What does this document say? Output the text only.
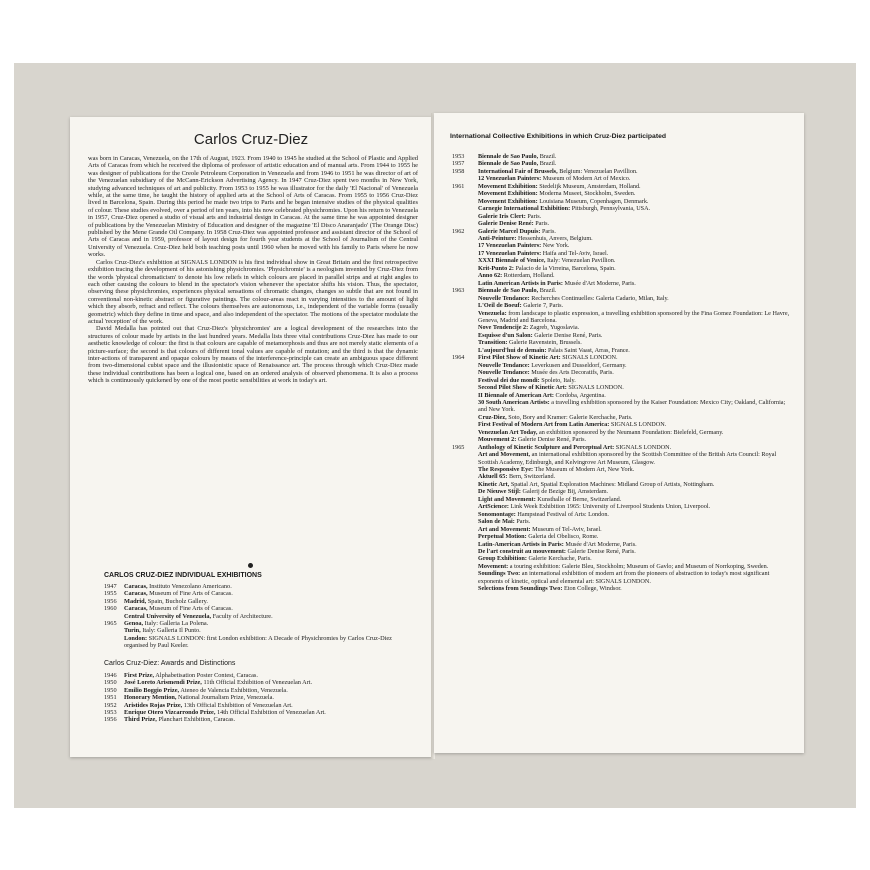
Carlos Cruz-Diez

was born in Caracas, Venezuela, on the 17th of August, 1923. From 1940 to 1945 he studied at the School of Plastic and Applied Arts of Caracas from which he received the diploma of professor of artistic education and of manual arts. From 1944 to 1955 he was designer of publications for the Creole Petroleum Corporation in Venezuela and from 1946 to 1951 he was director of art of the Venezuelan subsidiary of the McCann-Erickson Advertising Agency. In 1947 Cruz-Diez spent two months in New York, studying advanced techniques of art and publicity. From 1953 to 1955 he was illustrator for the daily 'El Nacional' of Venezuela while, at the same time, he taught the history of applied arts at the School of Arts of Caracas. From 1955 to 1956 Cruz-Diez lived in Barcelona, Spain. During this period he made two trips to Paris and he began intensive studies of the physical qualities of colour. These studies evolved, over a period of ten years, into his now celebrated physichromies. Upon his return to Venezuela in 1957, Cruz-Diez opened a studio of visual arts and industrial design in Caracas. At the same time he was appointed designer of publications by the Venezuelan Ministry of Education and designer of the magazine 'El Disco Anaranjado' (The Orange Disc) published by the Mene Grande Oil Company. In 1958 Cruz-Diez was appointed professor and assistant director of the School of Arts of Caracas and in 1959, professor of layout design for fourth year students at the School of Journalism of the Central University of Venezuela. Cruz-Diez held both teaching posts until 1960 when he moved with his family to Paris where he now works.

Carlos Cruz-Diez's exhibition at SIGNALS LONDON is his first individual show in Great Britain and the first retrospective exhibition tracing the development of his astonishing physichromies. 'Physichromie' is a neologism invented by Cruz-Diez from the words 'physical chromaticism' to denote his low reliefs in which colours are placed in parallel strips and at right angles to each other causing the colours to blend in the spectator's vision whenever the spectator shifts his vision. Thus, the spectator, observing these physichromies, experiences physical sensations of chromatic changes, changes so subtle that are not found in conventional non-kinetic abstract or figurative paintings. The colour-areas react in varying intensities to the amount of light which they absorb, refract and reflect. The colours themselves are autonomous, i.e., independent of the variable forms (usually geometric) which they define in time and space, and also independent of the spectator. The motions of the spectator modulate the actual 'reception' of the work.

David Medalla has pointed out that Cruz-Diez's 'physichromies' are a logical development of the researches into the structures of colour made by artists in the last hundred years. Medalla lists three vital contributions Cruz-Diez has made to our aesthetic knowledge of colour: the first is that colours are capable of metamorphosis and thus are not merely static elements of a picture-surface; the second is that colours of different tonal values are capable of mutation; and the third is that the dynamic inter-actions of transparent and opaque colours by means of the interference-principle can create an ambiguous space different from two-dimensional cubist space and the illusionistic space of Renaissance art. The process through which Cruz-Diez made these individual contributions has been a logical one, based on an ordered analysis of observed phenomena. It is also a process which is continuously quickened by one of the most poetic sensibilities at work in today's art.

CARLOS CRUZ-DIEZ INDIVIDUAL EXHIBITIONS
1947	Caracas, Instituto Venezolano Americano.
1955	Caracas, Museum of Fine Arts of Caracas.
1956	Madrid, Spain, Bucholz Gallery.
1960	Caracas, Museum of Fine Arts of Caracas.
Central University of Venezuela, Faculty of Architecture.
1965	Genoa, Italy: Galleria La Polena.
Turin, Italy: Galleria Il Punto.
London: SIGNALS LONDON: first London exhibition: A Decade of Physichromies by Carlos Cruz-Diez organised by Paul Keeler.
Carlos Cruz-Diez: Awards and Distinctions
1946	First Prize, Alphabetisation Poster Contest, Caracas.
1950	José Loreto Arismendi Prize, 11th Official Exhibition of Venezuelan Art.
1950	Emilio Boggio Prize, Ateneo de Valencia Exhibition, Venezuela.
1951	Honorary Mention, National Journalism Prize, Venezuela.
1952	Aristides Rojas Prize, 13th Official Exhibition of Venezuelan Art.
1953	Enrique Otero Vizcarrondo Prize, 14th Official Exhibition of Venezuelan Art.
1956	Third Prize, Planchart Exhibition, Caracas.
International Collective Exhibitions in which Cruz-Diez participated
1953	Biennale de Sao Paulo, Brazil.
1957	Biennale de Sao Paulo, Brazil.
1958	International Fair of Brussels, Belgium: Venezuelan Pavillion.
12 Venezuelan Painters: Museum of Modern Art of Mexico.
1961	Movement Exhibition: Stedelijk Museum, Amsterdam, Holland.
Movement Exhibition: Moderna Museet, Stockholm, Sweden.
Movement Exhibition: Louisiana Museum, Copenhagen, Denmark.
Carnegie International Exhibition: Pittsburgh, Pennsylvania, USA.
Galerie Iris Clert: Paris.
Galerie Denise René: Paris.
1962	Galerie Marcel Dupuis: Paris.
Anti-Peinture: Hessenhuis, Anvers, Belgium.
17 Venezuelan Painters: New York.
17 Venezuelan Painters: Haifa and Tel-Aviv, Israel.
XXXI Biennale of Venice, Italy: Venezuelan Pavillion.
Krit-Punto 2: Palacio de la Virreina, Barcelona, Spain.
Anno 62: Rotterdam, Holland.
Latin American Artists in Paris: Musée d'Art Moderne, Paris.
1963	Biennale de Sao Paulo, Brazil.
Nouvelle Tendance: Recherches Continuelles: Galeria Cadario, Milan, Italy.
L'Oeil de Boeuf: Galerie 7, Paris.
Venezuela: from landscape to plastic expression, a travelling exhibition sponsored by the Fina Gomez Foundation: Le Havre, Geneva, Madrid and Barcelona.
Nove Tendencije 2: Zagreb, Yugoslavia.
Esquisse d'un Salon: Galerie Denise René, Paris.
Transition: Galerie Ravenstein, Brussels.
L'aujourd'hui de demain: Palais Saint Vaast, Arras, France.
1964	First Pilot Show of Kinetic Art: SIGNALS LONDON.
Nouvelle Tendance: Leverkusen and Dusseldorf, Germany.
Nouvelle Tendance: Musée des Arts Decoratifs, Paris.
Festival dei due mondi: Spoleto, Italy.
Second Pilot Show of Kinetic Art: SIGNALS LONDON.
II Biennale of American Art: Cordoba, Argentina.
30 South American Artists: a travelling exhibition sponsored by the Kaiser Foundation: Mexico City; Oakland, California; and New York.
Cruz-Diez, Soto, Bory and Kramer: Galerie Kerchache, Paris.
First Festival of Modern Art from Latin America: SIGNALS LONDON.
Venezuelan Art Today, an exhibition sponsored by the Neumann Foundation: Bielefeld, Germany.
Mouvement 2: Galerie Denise René, Paris.
1965	Anthology of Kinetic Sculpture and Perceptual Art: SIGNALS LONDON.
Art and Movement, an international exhibition sponsored by the Scottish Committee of the British Arts Council: Royal Scottish Academy, Edinburgh, and Kelvingrove Art Museum, Glasgow.
The Responsive Eye: The Museum of Modern Art, New York.
Aktuell 65: Bern, Switzerland.
Kinetic Art, Spatial Art, Spatial Exploration Machines: Midland Group of Artists, Nottingham.
De Nieuwe Stijl: Galerij de Bezige Bij, Amsterdam.
Light and Movement: Kunsthalle of Berne, Switzerland.
ArtScience: Link Week Exhibition 1965: University of Liverpool Students Union, Liverpool.
Sonomontage: Hampstead Festival of Arts: London.
Salon de Mai: Paris.
Art and Movement: Museum of Tel-Aviv, Israel.
Perpetual Motion: Galeria del Obelisco, Rome.
Latin-American Artists in Paris: Musée d'Art Moderne, Paris.
De l'art construit au mouvement: Galerie Denise René, Paris.
Group Exhibition: Galerie Kerchache, Paris.
Movement: a touring exhibition: Galerie Bleu, Stockholm; Museum of Gavlo; and Museum of Norrkoping, Sweden.
Soundings Two: an international exhibition of modern art from the pioneers of abstraction to today's most significant exponents of kinetic, optical and elemental art: SIGNALS LONDON.
Selections from Soundings Two: Eton College, Windsor.
